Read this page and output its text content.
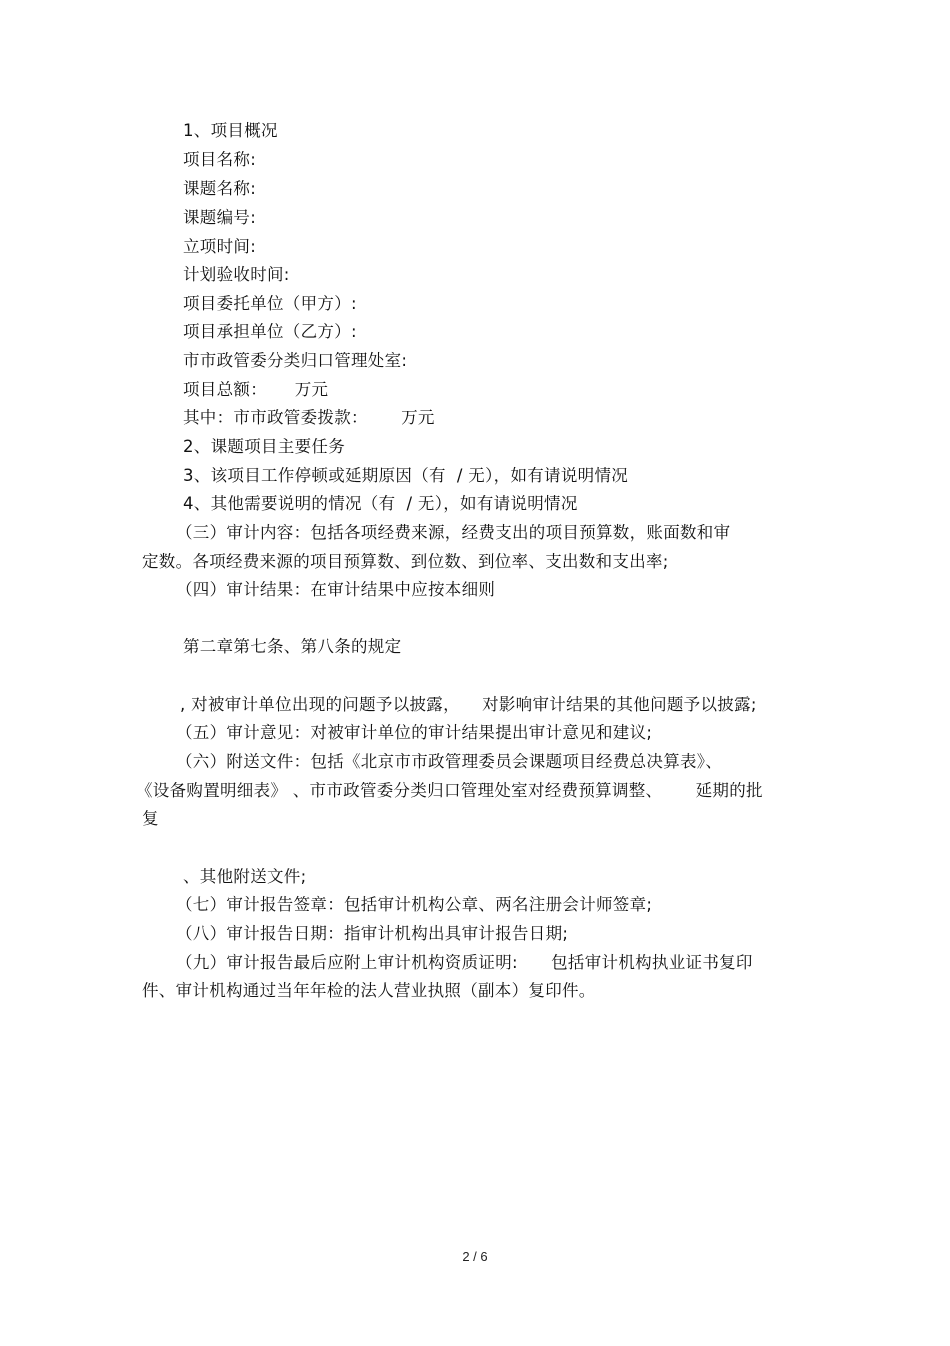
1、项目概况
项目名称:
课题名称:
课题编号:
立项时间:
计划验收时间:
项目委托单位（甲方）:
项目承担单位（乙方）:
市市政管委分类归口管理处室:
项目总额：     万元
其中：市市政管委拨款：      万元
2、课题项目主要任务
3、该项目工作停顿或延期原因（有  / 无），如有请说明情况
4、其他需要说明的情况（有  / 无），如有请说明情况
（三）审计内容：包括各项经费来源，经费支出的项目预算数，账面数和审
定数。各项经费来源的项目预算数、到位数、到位率、支出数和支出率;
（四）审计结果：在审计结果中应按本细则
第二章第七条、第八条的规定
, 对被审计单位出现的问题予以披露，    对影响审计结果的其他问题予以披露;
（五）审计意见：对被审计单位的审计结果提出审计意见和建议;
（六）附送文件：包括《北京市市政管理委员会课题项目经费总决算表》、
《设备购置明细表》 、市市政管委分类归口管理处室对经费预算调整、      延期的批
复
、其他附送文件;
（七）审计报告签章：包括审计机构公章、两名注册会计师签章;
（八）审计报告日期：指审计机构出具审计报告日期;
（九）审计报告最后应附上审计机构资质证明:      包括审计机构执业证书复印
件、审计机构通过当年年检的法人营业执照（副本）复印件。
2 / 6
